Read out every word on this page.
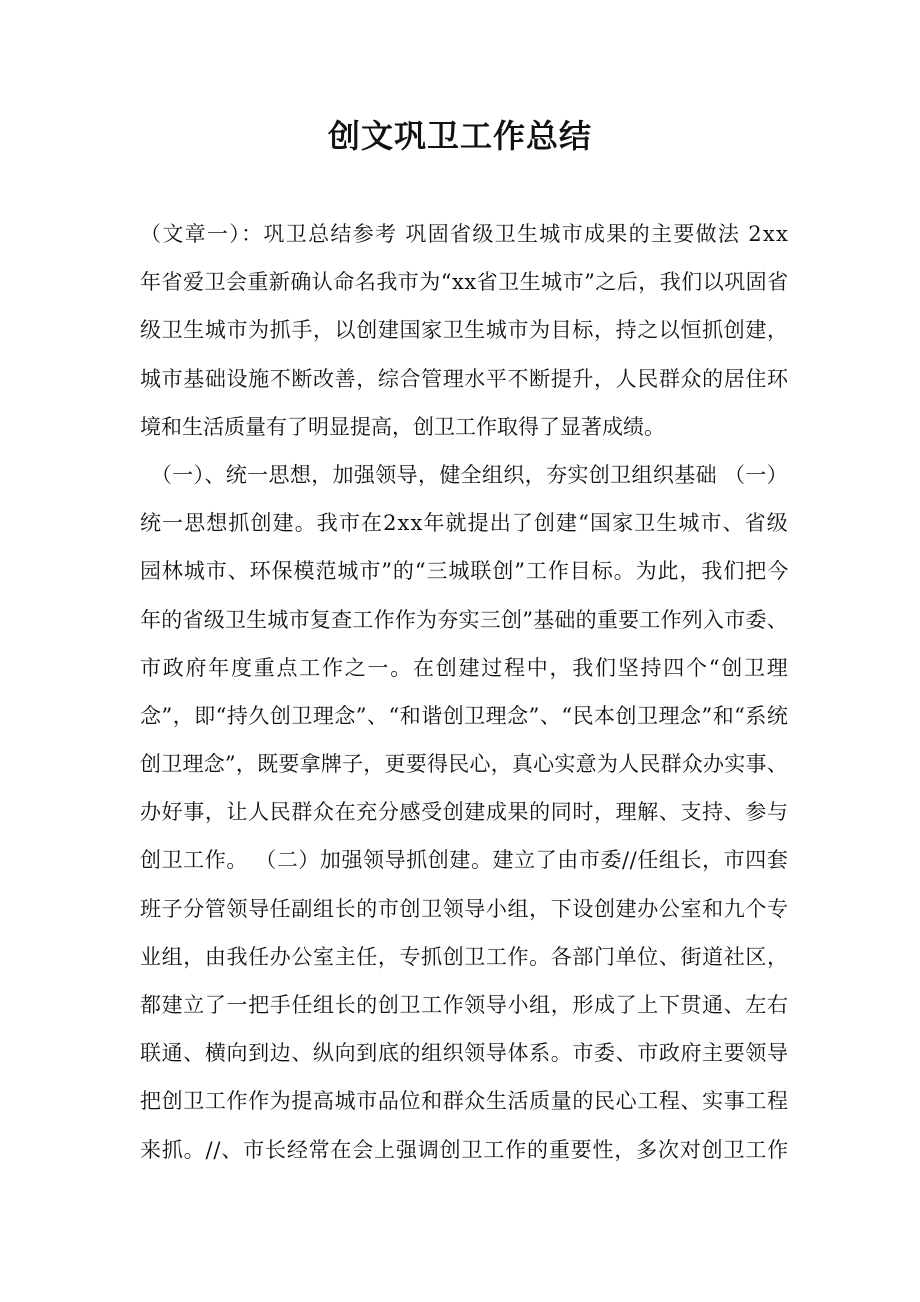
创文巩卫工作总结
（文章一）：巩卫总结参考 巩固省级卫生城市成果的主要做法 2xx
年省爱卫会重新确认命名我市为“xx省卫生城市”之后，我们以巩固省
级卫生城市为抓手，以创建国家卫生城市为目标，持之以恒抓创建，
城市基础设施不断改善，综合管理水平不断提升，人民群众的居住环
境和生活质量有了明显提高，创卫工作取得了显著成绩。
　（一）、统一思想，加强领导，健全组织，夯实创卫组织基础 （一）
统一思想抓创建。我市在2xx年就提出了创建“国家卫生城市、省级
园林城市、环保模范城市”的“三城联创”工作目标。为此，我们把今
年的省级卫生城市复查工作作为夯实三创”基础的重要工作列入市委、
市政府年度重点工作之一。在创建过程中，我们坚持四个“创卫理
念”，即“持久创卫理念”、“和谐创卫理念”、“民本创卫理念”和“系统
创卫理念”，既要拿牌子，更要得民心，真心实意为人民群众办实事、
办好事，让人民群众在充分感受创建成果的同时，理解、支持、参与
创卫工作。 （二）加强领导抓创建。建立了由市委//任组长，市四套
班子分管领导任副组长的市创卫领导小组，下设创建办公室和九个专
业组，由我任办公室主任，专抓创卫工作。各部门单位、街道社区，
都建立了一把手任组长的创卫工作领导小组，形成了上下贯通、左右
联通、横向到边、纵向到底的组织领导体系。市委、市政府主要领导
把创卫工作作为提高城市品位和群众生活质量的民心工程、实事工程
来抓。//、市长经常在会上强调创卫工作的重要性，多次对创卫工作
